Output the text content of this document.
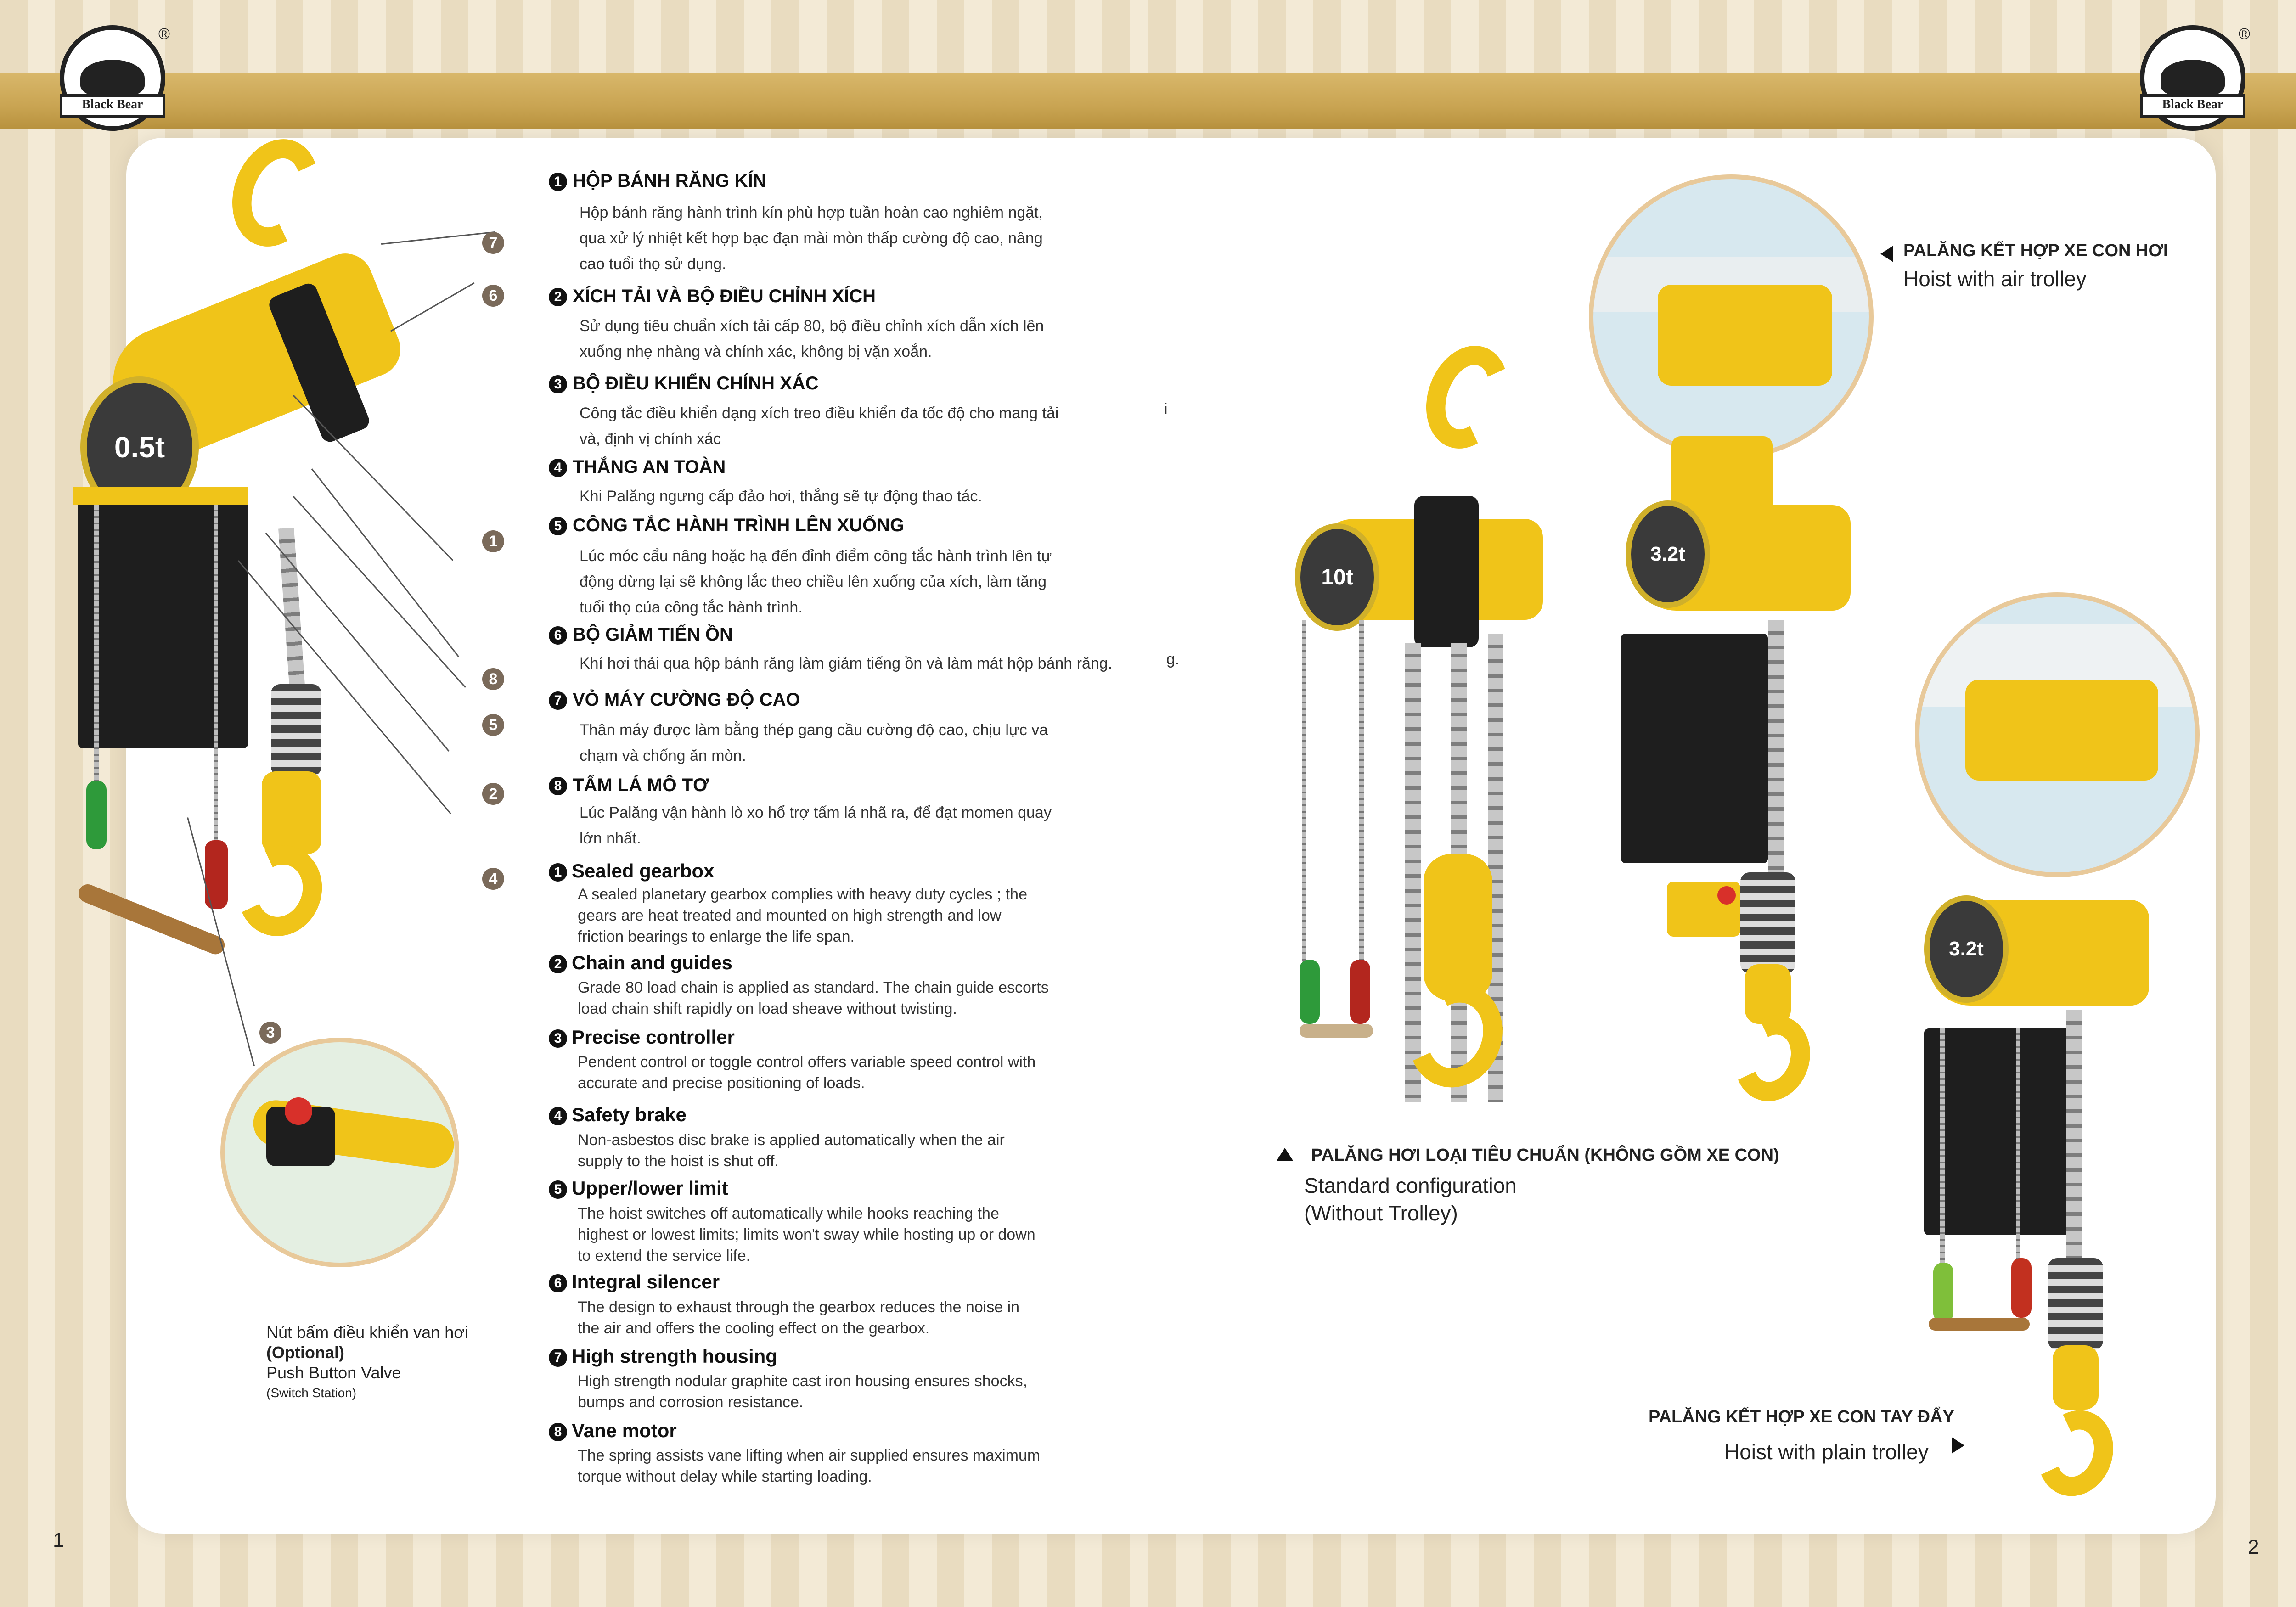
®
Black Bear
®
Black Bear
0.5t
7
6
1
8
5
2
4
3
Nút bấm điều khiển van hơi
(Optional)
Push Button Valve
(Switch Station)
1 HỘP BÁNH RĂNG KÍN
Hộp bánh răng hành trình kín phù hợp tuần hoàn cao nghiêm ngặt,
qua xử lý nhiệt kết hợp bạc đạn mài mòn thấp cường độ cao, nâng
cao tuổi thọ sử dụng.
2 XÍCH TẢI VÀ BỘ ĐIỀU CHỈNH XÍCH
Sử dụng tiêu chuẩn xích tải cấp 80, bộ điều chỉnh xích dẫn xích lên
xuống nhẹ nhàng và chính xác, không bị vặn xoắn.
3 BỘ ĐIỀU KHIỂN CHÍNH XÁC
Công tắc điều khiển dạng xích treo điều khiển đa tốc độ cho mang tải
và, định vị chính xác
i
4 THẮNG AN TOÀN
Khi Palăng ngưng cấp đảo hơi, thắng sẽ tự động thao tác.
5 CÔNG TẮC HÀNH TRÌNH LÊN XUỐNG
Lúc móc cẩu nâng hoặc hạ đến đỉnh điểm công tắc hành trình lên tự
động dừng lại sẽ không lắc theo chiều lên xuống của xích, làm tăng
tuổi thọ của công tắc hành trình.
6 BỘ GIẢM TIẾN ỒN
Khí hơi thải qua hộp bánh răng làm giảm tiếng ồn và làm mát hộp bánh răng.	g.
7 VỎ MÁY CƯỜNG ĐỘ CAO
Thân máy được làm bằng thép gang cầu cường độ cao, chịu lực va
chạm và chống ăn mòn.
8 TẤM LÁ MÔ TƠ
Lúc Palăng vận hành lò xo hổ trợ tấm lá nhã ra, để đạt momen quay
lớn nhất.
1 Sealed gearbox
A sealed planetary gearbox complies with heavy duty cycles ; the
gears are heat treated and mounted on high strength and low
friction bearings to enlarge the life span.
2 Chain and guides
Grade 80 load chain is applied as standard. The chain guide escorts
load chain shift rapidly on load sheave without twisting.
3 Precise controller
Pendent control or toggle control offers variable speed control with
accurate and precise positioning of loads.
4 Safety brake
Non-asbestos disc brake is applied automatically when the air
supply to the hoist is shut off.
5 Upper/lower limit
The hoist switches off automatically while hooks reaching the
highest or lowest limits; limits won't sway while hosting up or down
to extend the service life.
6 Integral silencer
The design to exhaust through the gearbox reduces the noise in
the air and offers the cooling effect on the gearbox.
7 High strength housing
High strength nodular graphite cast iron housing ensures shocks,
bumps and corrosion resistance.
8 Vane motor
The spring assists vane lifting when air supplied ensures maximum
torque without delay while starting loading.
10t
3.2t
PALĂNG KẾT HỢP XE CON HƠI
Hoist with air trolley
3.2t
PALĂNG KẾT HỢP XE CON TAY ĐẨY
Hoist with plain trolley
PALĂNG HƠI LOẠI TIÊU CHUẨN (KHÔNG GỒM XE CON)
Standard configuration
(Without Trolley)
1	2
